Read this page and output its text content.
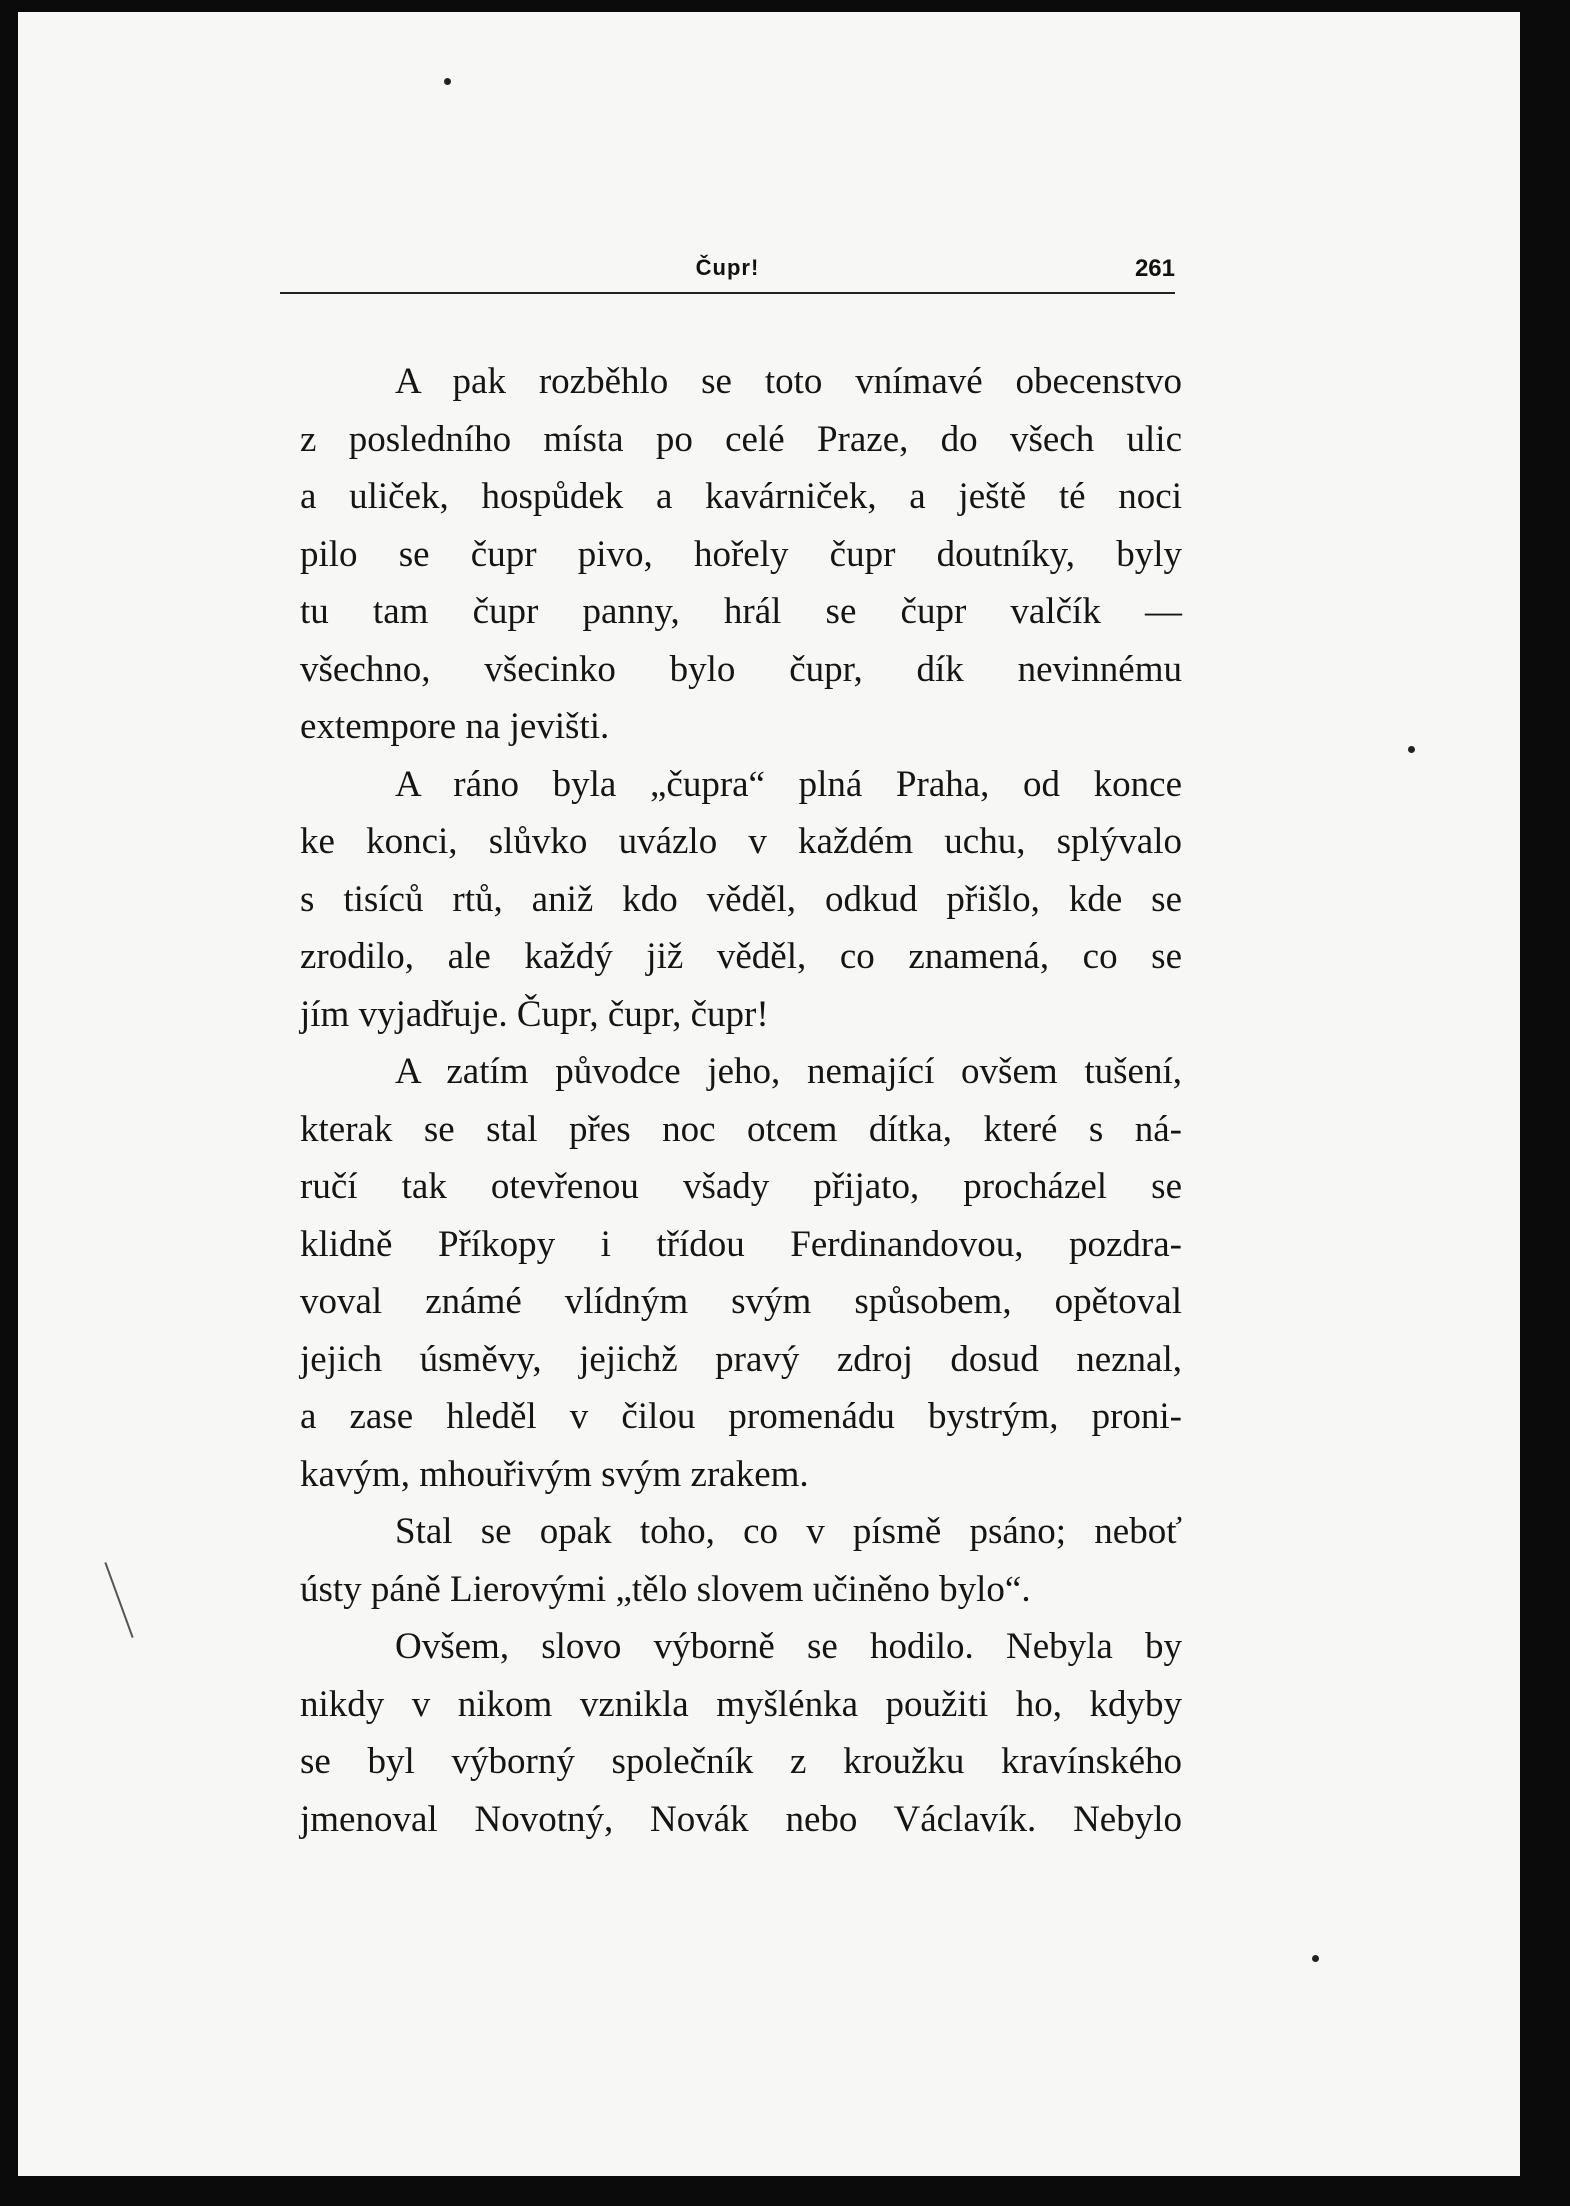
Čupr!	261
A pak rozběhlo se toto vnímavé obecenstvo
z posledního místa po celé Praze, do všech ulic
a uliček, hospůdek a kavárniček, a ještě té noci
pilo se čupr pivo, hořely čupr doutníky, byly
tu tam čupr panny, hrál se čupr valčík —
všechno, všecinko bylo čupr, dík nevinnému
extempore na jevišti.
A ráno byla „čupra“ plná Praha, od konce
ke konci, slůvko uvázlo v každém uchu, splývalo
s tisíců rtů, aniž kdo věděl, odkud přišlo, kde se
zrodilo, ale každý již věděl, co znamená, co se
jím vyjadřuje. Čupr, čupr, čupr!
A zatím původce jeho, nemající ovšem tušení,
kterak se stal přes noc otcem dítka, které s ná-
ručí tak otevřenou všady přijato, procházel se
klidně Příkopy i třídou Ferdinandovou, pozdra-
voval známé vlídným svým spůsobem, opětoval
jejich úsměvy, jejichž pravý zdroj dosud neznal,
a zase hleděl v čilou promenádu bystrým, proni-
kavým, mhouřivým svým zrakem.
Stal se opak toho, co v písmě psáno; neboť
ústy páně Lierovými „tělo slovem učiněno bylo“.
Ovšem, slovo výborně se hodilo. Nebyla by
nikdy v nikom vznikla myšlénka použiti ho, kdyby
se byl výborný společník z kroužku kravínského
jmenoval Novotný, Novák nebo Václavík. Nebylo
